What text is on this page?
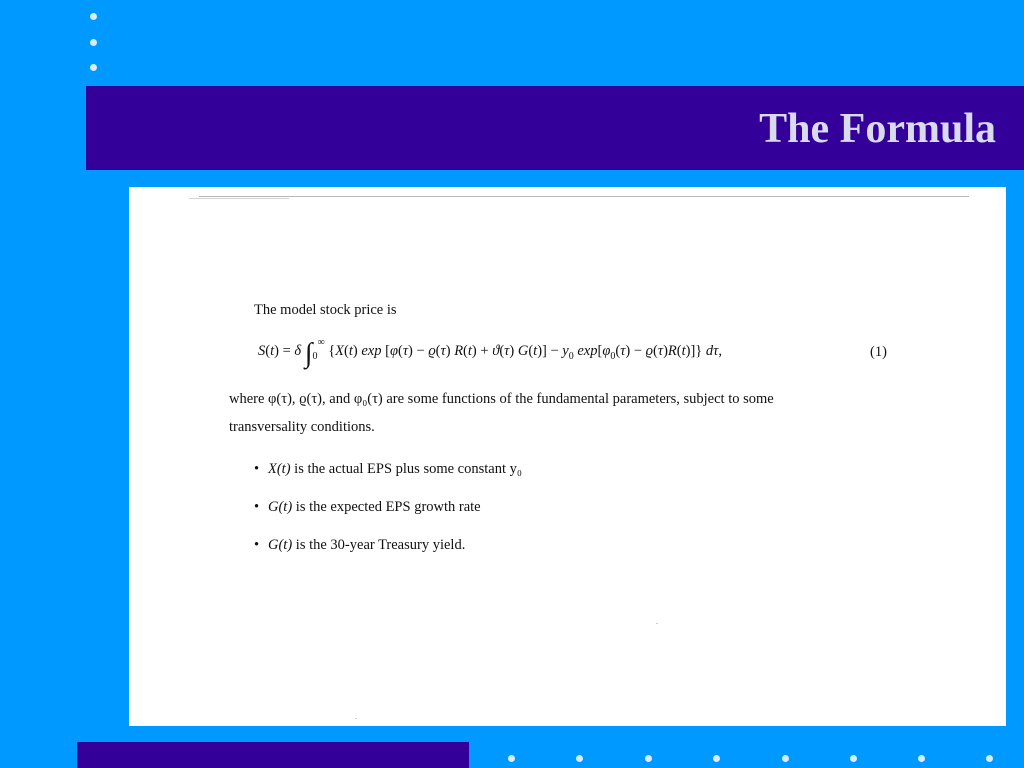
The Formula
The model stock price is
S(t) = δ $\int_0^\infty$ {X(t) exp [φ(τ) − ϱ(τ) R(t) + ϑ(τ) $G(t)] - y_0$ $\exp[\varphi_0(\tau) - ϱ(\tau)R(t)]$} dτ,	(1)
where φ(τ), ϱ(τ), and φ₀(τ) are some functions of the fundamental parameters, subject to some
transversality conditions.
• X(t) is the actual EPS plus some constant y₀
• G(t) is the expected EPS growth rate
• G(t) is the 30-year Treasury yield.
